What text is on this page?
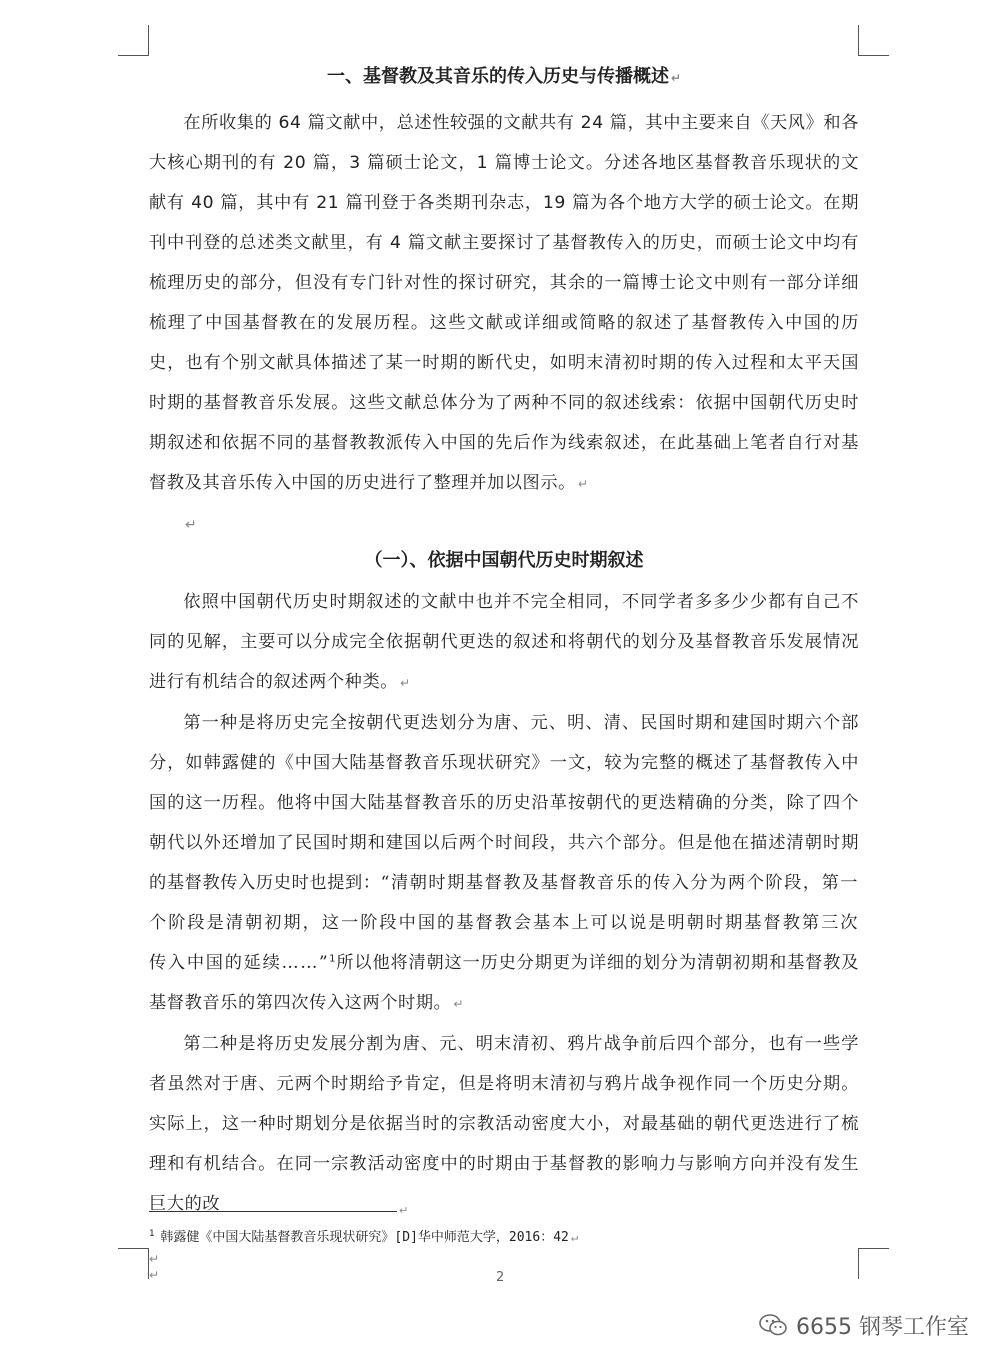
一、基督教及其音乐的传入历史与传播概述 ↵

在所收集的 64 篇文献中，总述性较强的文献共有 24 篇，其中主要来自《天风》和各大核心期刊的有 20 篇，3 篇硕士论文，1 篇博士论文。分述各地区基督教音乐现状的文献有 40 篇，其中有 21 篇刊登于各类期刊杂志，19 篇为各个地方大学的硕士论文。在期刊中刊登的总述类文献里，有 4 篇文献主要探讨了基督教传入的历史，而硕士论文中均有梳理历史的部分，但没有专门针对性的探讨研究，其余的一篇博士论文中则有一部分详细梳理了中国基督教在的发展历程。这些文献或详细或简略的叙述了基督教传入中国的历史，也有个别文献具体描述了某一时期的断代史，如明末清初时期的传入过程和太平天国时期的基督教音乐发展。这些文献总体分为了两种不同的叙述线索：依据中国朝代历史时期叙述和依据不同的基督教教派传入中国的先后作为线索叙述，在此基础上笔者自行对基督教及其音乐传入中国的历史进行了整理并加以图示。 ↵

↵

（一）、依据中国朝代历史时期叙述

依照中国朝代历史时期叙述的文献中也并不完全相同，不同学者多多少少都有自己不同的见解，主要可以分成完全依据朝代更迭的叙述和将朝代的划分及基督教音乐发展情况进行有机结合的叙述两个种类。 ↵

第一种是将历史完全按朝代更迭划分为唐、元、明、清、民国时期和建国时期六个部分，如韩露健的《中国大陆基督教音乐现状研究》一文，较为完整的概述了基督教传入中国的这一历程。他将中国大陆基督教音乐的历史沿革按朝代的更迭精确的分类，除了四个朝代以外还增加了民国时期和建国以后两个时间段，共六个部分。但是他在描述清朝时期的基督教传入历史时也提到：“清朝时期基督教及基督教音乐的传入分为两个阶段，第一个阶段是清朝初期，这一阶段中国的基督教会基本上可以说是明朝时期基督教第三次传入中国的延续……”$^1$所以他将清朝这一历史分期更为详细的划分为清朝初期和基督教及基督教音乐的第四次传入这两个时期。 ↵

第二种是将历史发展分割为唐、元、明末清初、鸦片战争前后四个部分，也有一些学者虽然对于唐、元两个时期给予肯定，但是将明末清初与鸦片战争视作同一个历史分期。实际上，这一种时期划分是依据当时的宗教活动密度大小，对最基础的朝代更迭进行了梳理和有机结合。在同一宗教活动密度中的时期由于基督教的影响力与影响方向并没有发生巨大的改	↵
$^1$ 韩露健《中国大陆基督教音乐现状研究》[D]华中师范大学，2016：42 ↵
↵
↵	2
6655 钢琴工作室
